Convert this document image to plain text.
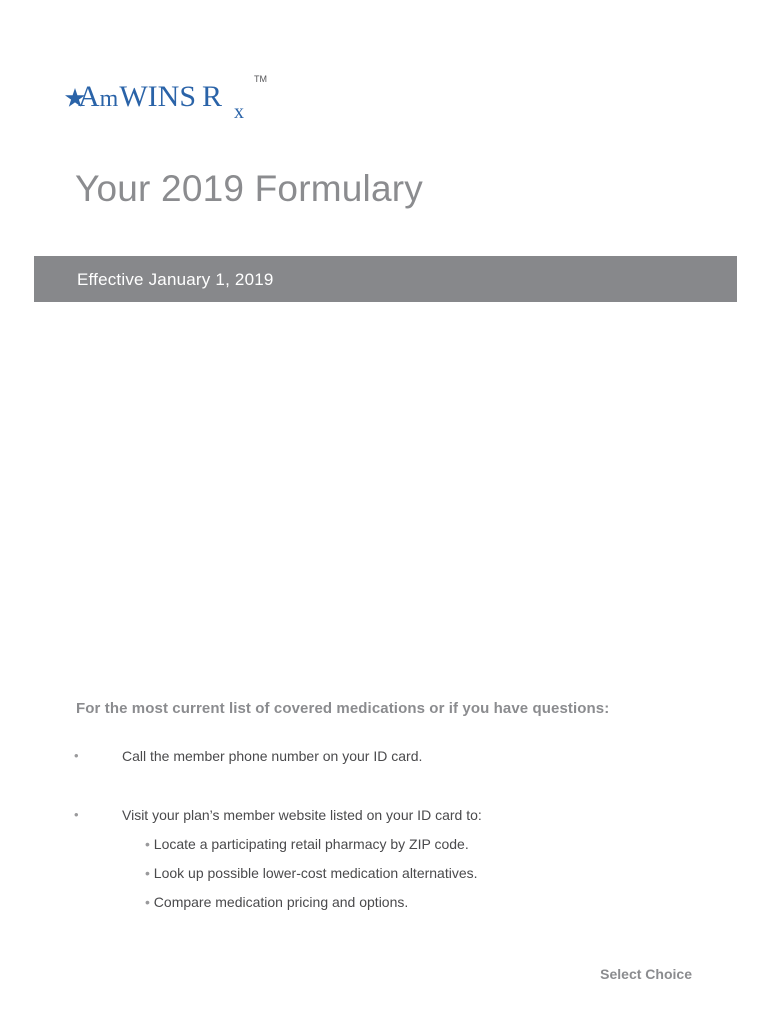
AmWINS R x
TM
Your 2019 Formulary
Effective January 1, 2019
For the most current list of covered medications or if you have questions:
•	Call the member phone number on your ID card.
•	Visit your plan’s member website listed on your ID card to:
• Locate a participating retail pharmacy by ZIP code.
• Look up possible lower-cost medication alternatives.
• Compare medication pricing and options.
Select Choice
